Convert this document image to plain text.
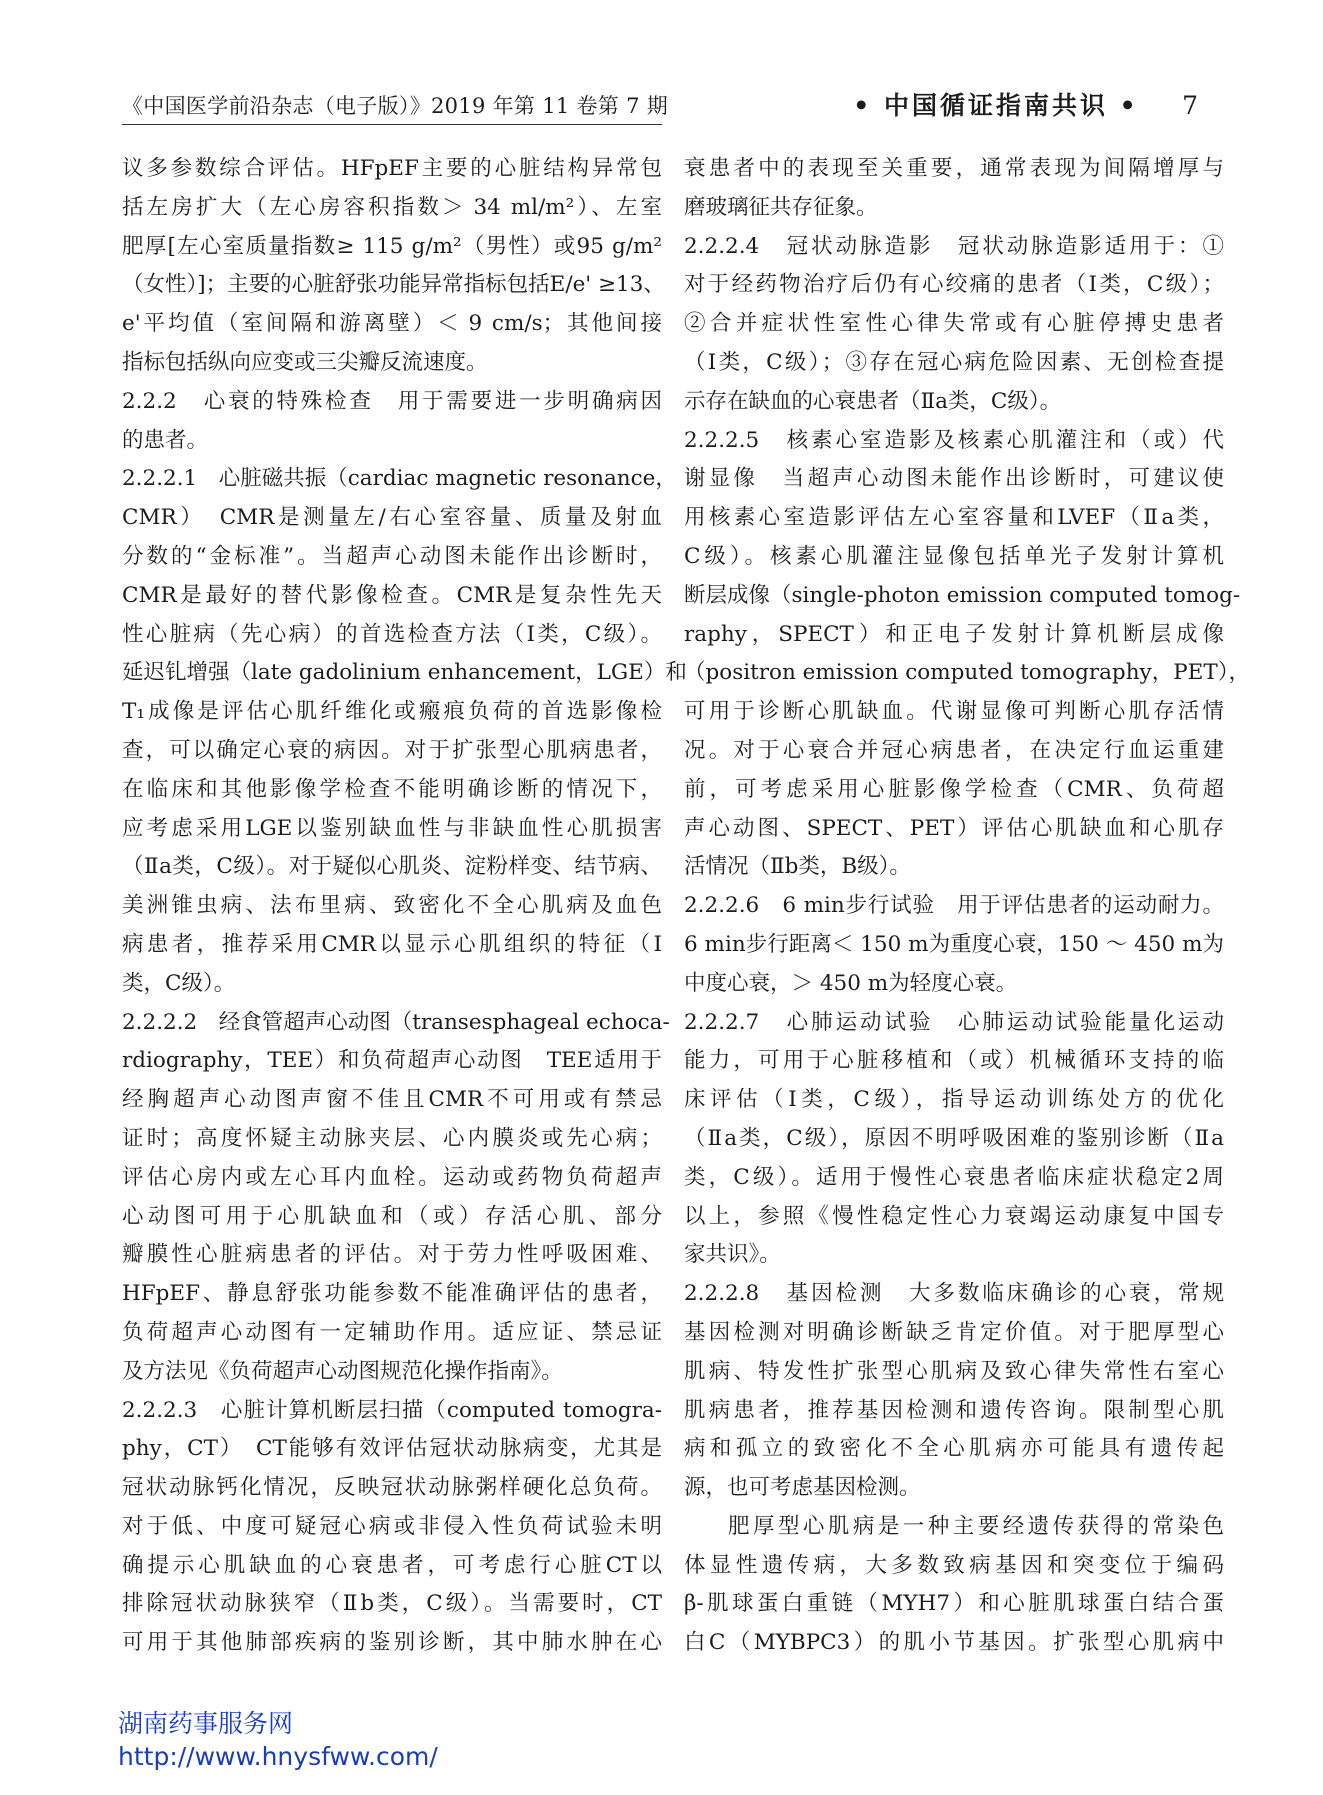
《中国医学前沿杂志（电子版）》2019 年第 11 卷第 7 期	• 中国循证指南共识 • 7
议多参数综合评估。HFpEF主要的心脏结构异常包
括左房扩大（左心房容积指数＞ 34 ml/m²）、左室
肥厚[左心室质量指数≥ 115 g/m²（男性）或95 g/m²
（女性）]；主要的心脏舒张功能异常指标包括E/e' ≥13、
e'平均值（室间隔和游离壁）＜ 9 cm/s；其他间接
指标包括纵向应变或三尖瓣反流速度。
2.2.2　心衰的特殊检查　用于需要进一步明确病因
的患者。
2.2.2.1　心脏磁共振（cardiac magnetic resonance，
CMR）　CMR是测量左/右心室容量、质量及射血
分数的“金标准”。当超声心动图未能作出诊断时，
CMR是最好的替代影像检查。CMR是复杂性先天
性心脏病（先心病）的首选检查方法（Ⅰ类，C级）。
延迟钆增强（late gadolinium enhancement，LGE）和
T₁成像是评估心肌纤维化或瘢痕负荷的首选影像检
查，可以确定心衰的病因。对于扩张型心肌病患者，
在临床和其他影像学检查不能明确诊断的情况下，
应考虑采用LGE以鉴别缺血性与非缺血性心肌损害
（Ⅱa类，C级）。对于疑似心肌炎、淀粉样变、结节病、
美洲锥虫病、法布里病、致密化不全心肌病及血色
病患者，推荐采用CMR以显示心肌组织的特征（Ⅰ
类，C级）。
2.2.2.2　经食管超声心动图（transesphageal echoca-
rdiography，TEE）和负荷超声心动图　TEE适用于
经胸超声心动图声窗不佳且CMR不可用或有禁忌
证时；高度怀疑主动脉夹层、心内膜炎或先心病；
评估心房内或左心耳内血栓。运动或药物负荷超声
心动图可用于心肌缺血和（或）存活心肌、部分
瓣膜性心脏病患者的评估。对于劳力性呼吸困难、
HFpEF、静息舒张功能参数不能准确评估的患者，
负荷超声心动图有一定辅助作用。适应证、禁忌证
及方法见《负荷超声心动图规范化操作指南》。
2.2.2.3　心脏计算机断层扫描（computed tomogra-
phy，CT）　CT能够有效评估冠状动脉病变，尤其是
冠状动脉钙化情况，反映冠状动脉粥样硬化总负荷。
对于低、中度可疑冠心病或非侵入性负荷试验未明
确提示心肌缺血的心衰患者，可考虑行心脏CT以
排除冠状动脉狭窄（Ⅱb类，C级）。当需要时，CT
可用于其他肺部疾病的鉴别诊断，其中肺水肿在心
衰患者中的表现至关重要，通常表现为间隔增厚与
磨玻璃征共存征象。
2.2.2.4　冠状动脉造影　冠状动脉造影适用于：①
对于经药物治疗后仍有心绞痛的患者（Ⅰ类，C级）；
②合并症状性室性心律失常或有心脏停搏史患者
（Ⅰ类，C级）；③存在冠心病危险因素、无创检查提
示存在缺血的心衰患者（Ⅱa类，C级）。
2.2.2.5　核素心室造影及核素心肌灌注和（或）代
谢显像　当超声心动图未能作出诊断时，可建议使
用核素心室造影评估左心室容量和LVEF（Ⅱa类，
C级）。核素心肌灌注显像包括单光子发射计算机
断层成像（single-photon emission computed tomog-
raphy，SPECT）和正电子发射计算机断层成像
（positron emission computed tomography，PET），
可用于诊断心肌缺血。代谢显像可判断心肌存活情
况。对于心衰合并冠心病患者，在决定行血运重建
前，可考虑采用心脏影像学检查（CMR、负荷超
声心动图、SPECT、PET）评估心肌缺血和心肌存
活情况（Ⅱb类，B级）。
2.2.2.6　6 min步行试验　用于评估患者的运动耐力。
6 min步行距离＜ 150 m为重度心衰，150 ～ 450 m为
中度心衰，＞ 450 m为轻度心衰。
2.2.2.7　心肺运动试验　心肺运动试验能量化运动
能力，可用于心脏移植和（或）机械循环支持的临
床评估（Ⅰ类，C级），指导运动训练处方的优化
（Ⅱa类，C级），原因不明呼吸困难的鉴别诊断（Ⅱa
类，C级）。适用于慢性心衰患者临床症状稳定2周
以上，参照《慢性稳定性心力衰竭运动康复中国专
家共识》。
2.2.2.8　基因检测　大多数临床确诊的心衰，常规
基因检测对明确诊断缺乏肯定价值。对于肥厚型心
肌病、特发性扩张型心肌病及致心律失常性右室心
肌病患者，推荐基因检测和遗传咨询。限制型心肌
病和孤立的致密化不全心肌病亦可能具有遗传起
源，也可考虑基因检测。
肥厚型心肌病是一种主要经遗传获得的常染色
体显性遗传病，大多数致病基因和突变位于编码
β-肌球蛋白重链（MYH7）和心脏肌球蛋白结合蛋
白C（MYBPC3）的肌小节基因。扩张型心肌病中
湖南药事服务网
http://www.hnysfww.com/
